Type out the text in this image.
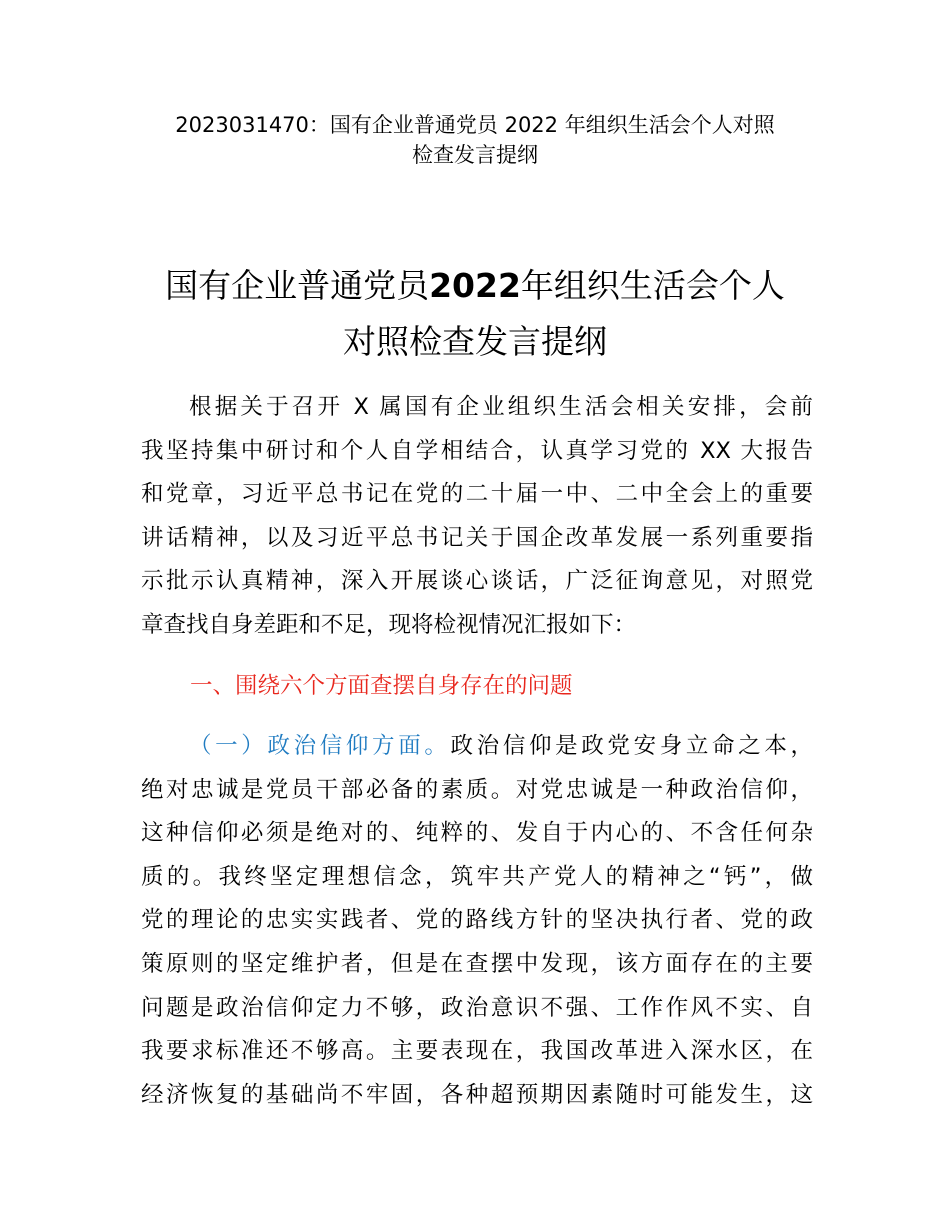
2023031470：国有企业普通党员 2022 年组织生活会个人对照
检查发言提纲
国有企业普通党员2022年组织生活会个人
对照检查发言提纲
根据关于召开 X 属国有企业组织生活会相关安排，会前
我坚持集中研讨和个人自学相结合，认真学习党的 XX 大报告
和党章，习近平总书记在党的二十届一中、二中全会上的重要
讲话精神，以及习近平总书记关于国企改革发展一系列重要指
示批示认真精神，深入开展谈心谈话，广泛征询意见，对照党
章查找自身差距和不足，现将检视情况汇报如下：
一、围绕六个方面查摆自身存在的问题
（一）政治信仰方面。政治信仰是政党安身立命之本，
绝对忠诚是党员干部必备的素质。对党忠诚是一种政治信仰，
这种信仰必须是绝对的、纯粹的、发自于内心的、不含任何杂
质的。我终坚定理想信念，筑牢共产党人的精神之“钙”，做
党的理论的忠实实践者、党的路线方针的坚决执行者、党的政
策原则的坚定维护者，但是在查摆中发现，该方面存在的主要
问题是政治信仰定力不够，政治意识不强、工作作风不实、自
我要求标准还不够高。主要表现在，我国改革进入深水区，在
经济恢复的基础尚不牢固，各种超预期因素随时可能发生，这
